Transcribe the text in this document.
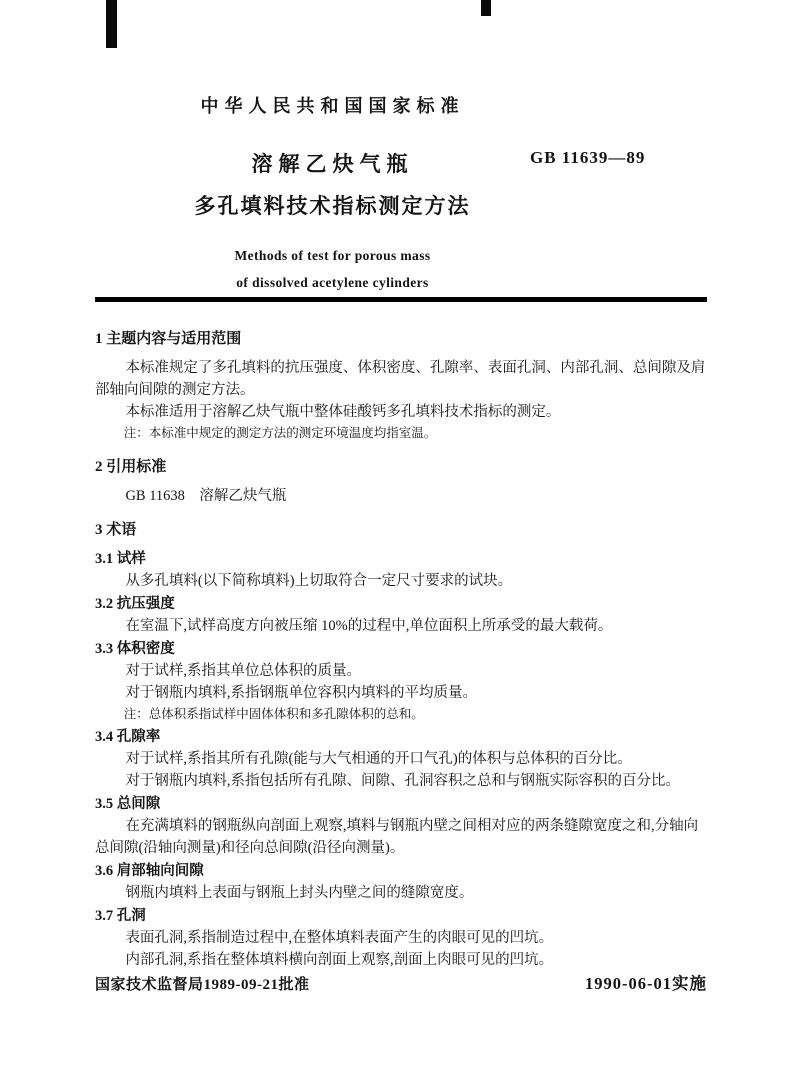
中华人民共和国国家标准
溶解乙炔气瓶
多孔填料技术指标测定方法
Methods of test for porous mass
of dissolved acetylene cylinders
GB 11639—89
1 主题内容与适用范围

本标准规定了多孔填料的抗压强度、体积密度、孔隙率、表面孔洞、内部孔洞、总间隙及肩部轴向间隙的测定方法。

本标准适用于溶解乙炔气瓶中整体硅酸钙多孔填料技术指标的测定。

注：本标准中规定的测定方法的测定环境温度均指室温。

2 引用标准

GB 11638　溶解乙炔气瓶

3 术语
3.1 试样

从多孔填料(以下简称填料)上切取符合一定尺寸要求的试块。

3.2 抗压强度

在室温下,试样高度方向被压缩 10%的过程中,单位面积上所承受的最大载荷。

3.3 体积密度

对于试样,系指其单位总体积的质量。

对于钢瓶内填料,系指钢瓶单位容积内填料的平均质量。

注：总体积系指试样中固体体积和多孔隙体积的总和。

3.4 孔隙率

对于试样,系指其所有孔隙(能与大气相通的开口气孔)的体积与总体积的百分比。

对于钢瓶内填料,系指包括所有孔隙、间隙、孔洞容积之总和与钢瓶实际容积的百分比。

3.5 总间隙

在充满填料的钢瓶纵向剖面上观察,填料与钢瓶内壁之间相对应的两条缝隙宽度之和,分轴向总间隙(沿轴向测量)和径向总间隙(沿径向测量)。

3.6 肩部轴向间隙

钢瓶内填料上表面与钢瓶上封头内壁之间的缝隙宽度。

3.7 孔洞

表面孔洞,系指制造过程中,在整体填料表面产生的肉眼可见的凹坑。

内部孔洞,系指在整体填料横向剖面上观察,剖面上肉眼可见的凹坑。

国家技术监督局1989-09-21批准	1990-06-01实施
